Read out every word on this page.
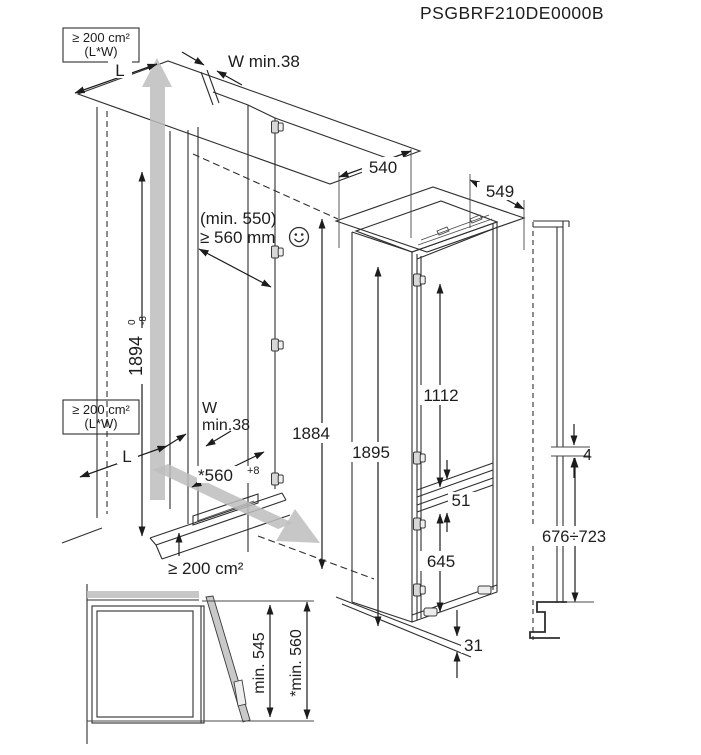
PSGBRF210DE0000B
≥ 200 cm²
(L*W)
L	W min.38
1894
0 -8
(min. 550)
≥ 560 mm
≥ 200 cm²
(L*W)
W
min.38
L
*560 +8
≥ 200 cm²
1884
540
549
1895
1112
51
645
31
4
676÷723
min. 545 *min. 560
